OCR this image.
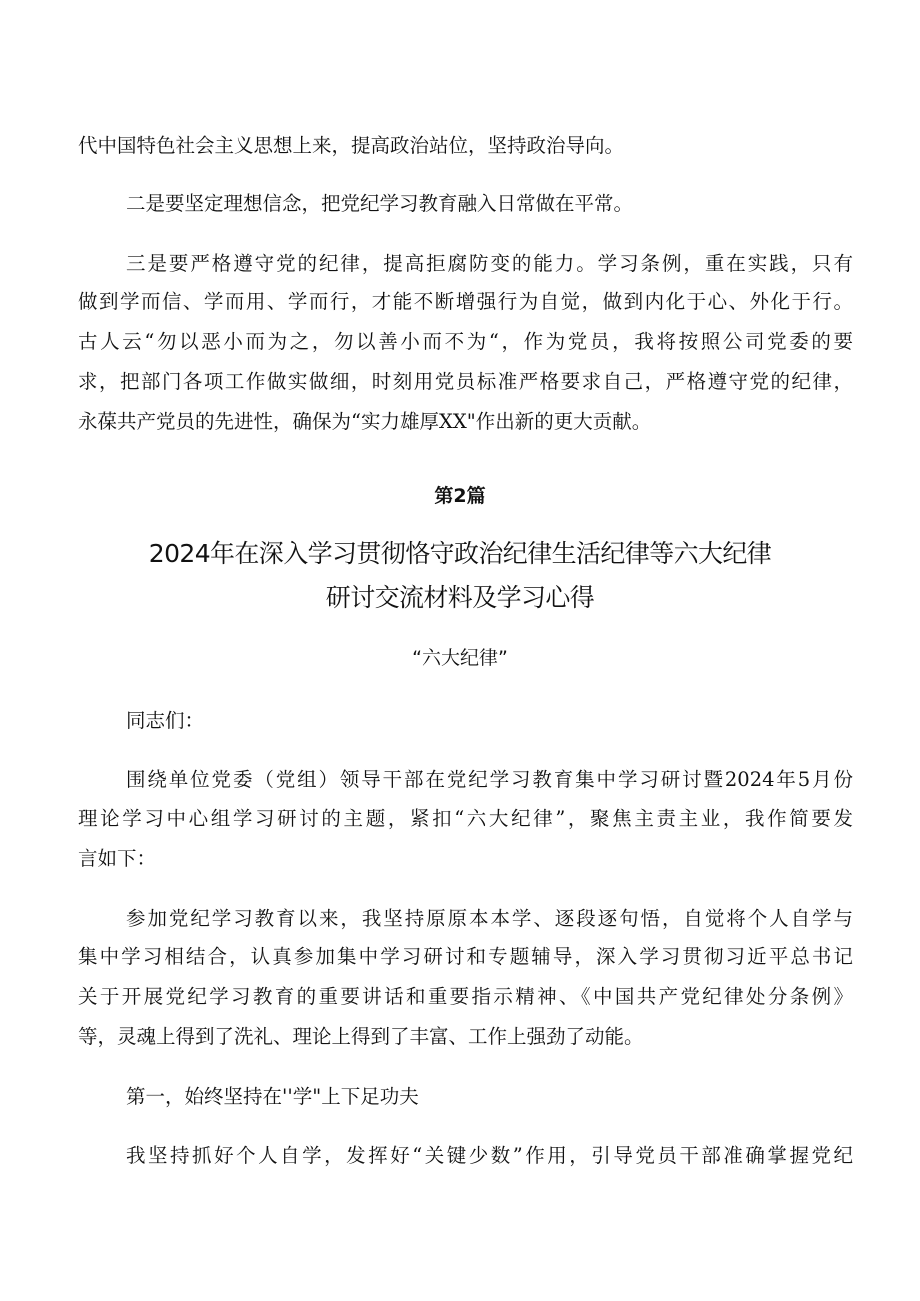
代中国特色社会主义思想上来，提高政治站位，坚持政治导向。
二是要坚定理想信念，把党纪学习教育融入日常做在平常。
三是要严格遵守党的纪律，提高拒腐防变的能力。学习条例，重在实践，只有
做到学而信、学而用、学而行，才能不断增强行为自觉，做到内化于心、外化于行。
古人云“勿以恶小而为之，勿以善小而不为“，作为党员，我将按照公司党委的要
求，把部门各项工作做实做细，时刻用党员标准严格要求自己，严格遵守党的纪律，
永葆共产党员的先进性，确保为“实力雄厚XX"作出新的更大贡献。
第2篇
2024年在深入学习贯彻恪守政治纪律生活纪律等六大纪律
研讨交流材料及学习心得
“六大纪律”
同志们：
围绕单位党委（党组）领导干部在党纪学习教育集中学习研讨暨2024年5月份
理论学习中心组学习研讨的主题，紧扣“六大纪律”，聚焦主责主业，我作简要发
言如下：
参加党纪学习教育以来，我坚持原原本本学、逐段逐句悟，自觉将个人自学与
集中学习相结合，认真参加集中学习研讨和专题辅导，深入学习贯彻习近平总书记
关于开展党纪学习教育的重要讲话和重要指示精神、《中国共产党纪律处分条例》
等，灵魂上得到了洗礼、理论上得到了丰富、工作上强劲了动能。
第一，始终坚持在''学"上下足功夫
我坚持抓好个人自学，发挥好“关键少数”作用，引导党员干部准确掌握党纪
